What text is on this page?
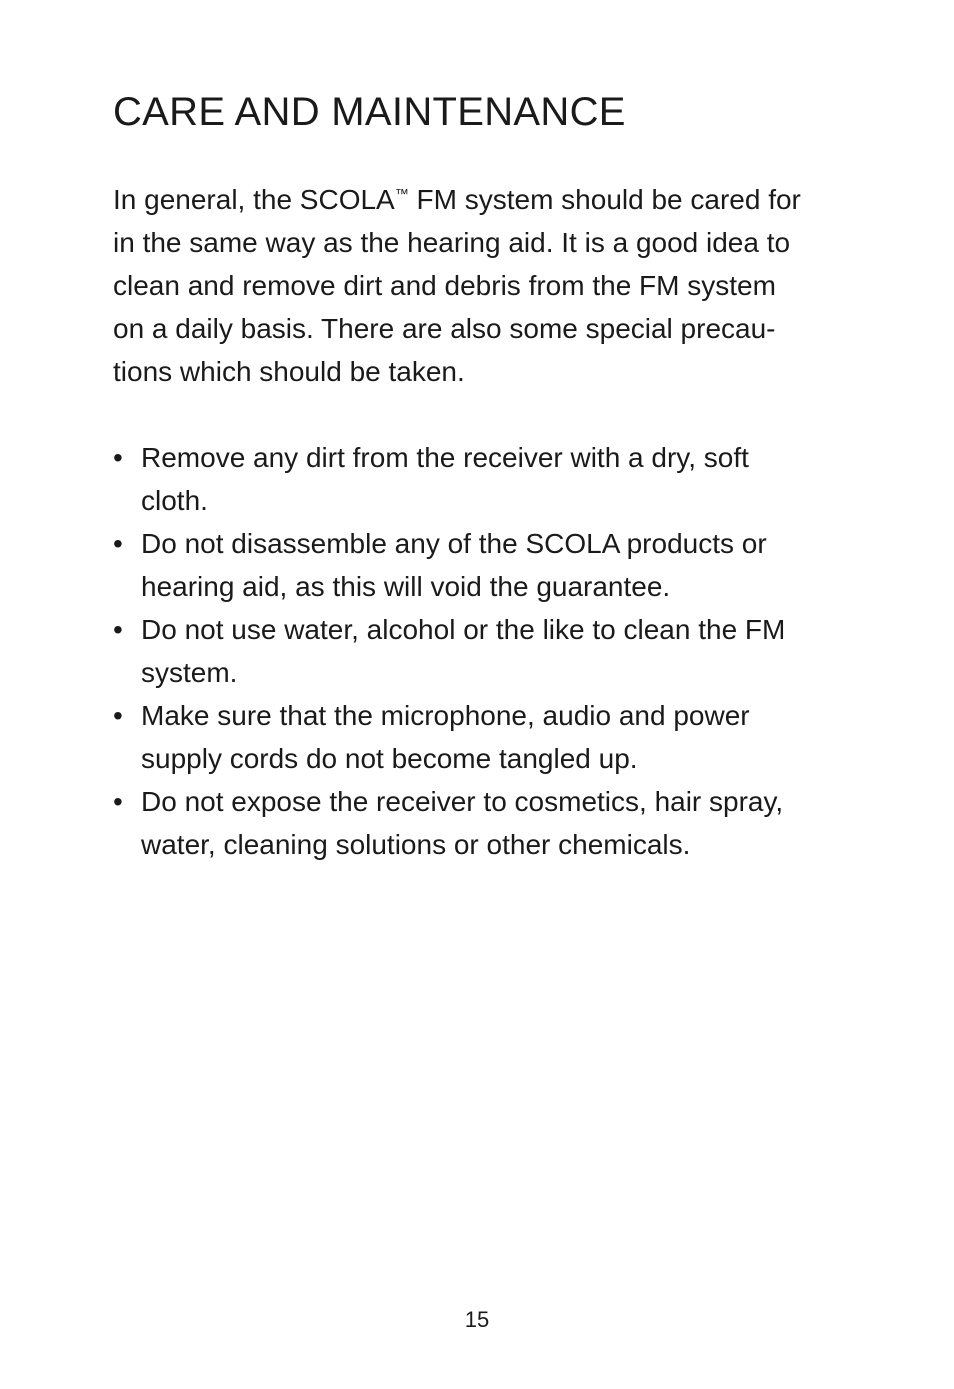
CARE AND MAINTENANCE

In general, the SCOLA™ FM system should be cared for
in the same way as the hearing aid. It is a good idea to
clean and remove dirt and debris from the FM system
on a daily basis. There are also some special precau-
tions which should be taken.

• Remove any dirt from the receiver with a dry, soft
cloth.
• Do not disassemble any of the SCOLA products or
hearing aid, as this will void the guarantee.
• Do not use water, alcohol or the like to clean the FM
system.
• Make sure that the microphone, audio and power
supply cords do not become tangled up.
• Do not expose the receiver to cosmetics, hair spray,
water, cleaning solutions or other chemicals.
15
